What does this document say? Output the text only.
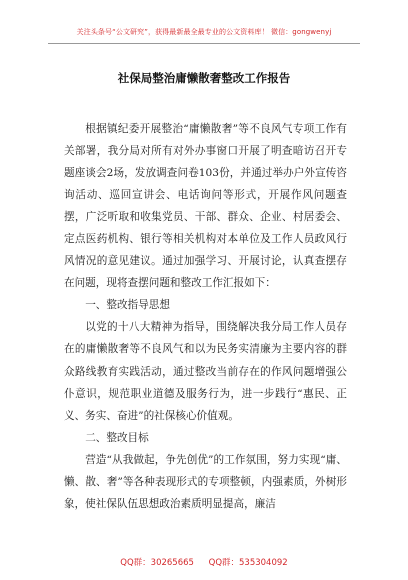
关注头条号“公文研究”，获得最新最全最专业的公文资料库！ 微信：gongwenyj
社保局整治庸懒散奢整改工作报告

根据镇纪委开展整治“庸懒散奢”等不良风气专项工作有关部署，我分局对所有对外办事窗口开展了明查暗访召开专题座谈会2场，发放调查问卷103份，并通过举办户外宣传咨询活动、巡回宣讲会、电话询问等形式，开展作风问题查摆，广泛听取和收集党员、干部、群众、企业、村居委会、定点医药机构、银行等相关机构对本单位及工作人员政风行风情况的意见建议。通过加强学习、开展讨论，认真查摆存在问题，现将查摆问题和整改工作汇报如下：

一、整改指导思想

以党的十八大精神为指导，围绕解决我分局工作人员存在的庸懒散奢等不良风气和以为民务实清廉为主要内容的群众路线教育实践活动，通过整改当前存在的作风问题增强公仆意识，规范职业道德及服务行为，进一步践行“惠民、正义、务实、奋进”的社保核心价值观。

二、整改目标

营造“从我做起，争先创优”的工作氛围，努力实现“庸、懒、散、奢”等各种表现形式的专项整顿，内强素质，外树形象，使社保队伍思想政治素质明显提高，廉洁

QQ群：30265665 QQ群：535304092
